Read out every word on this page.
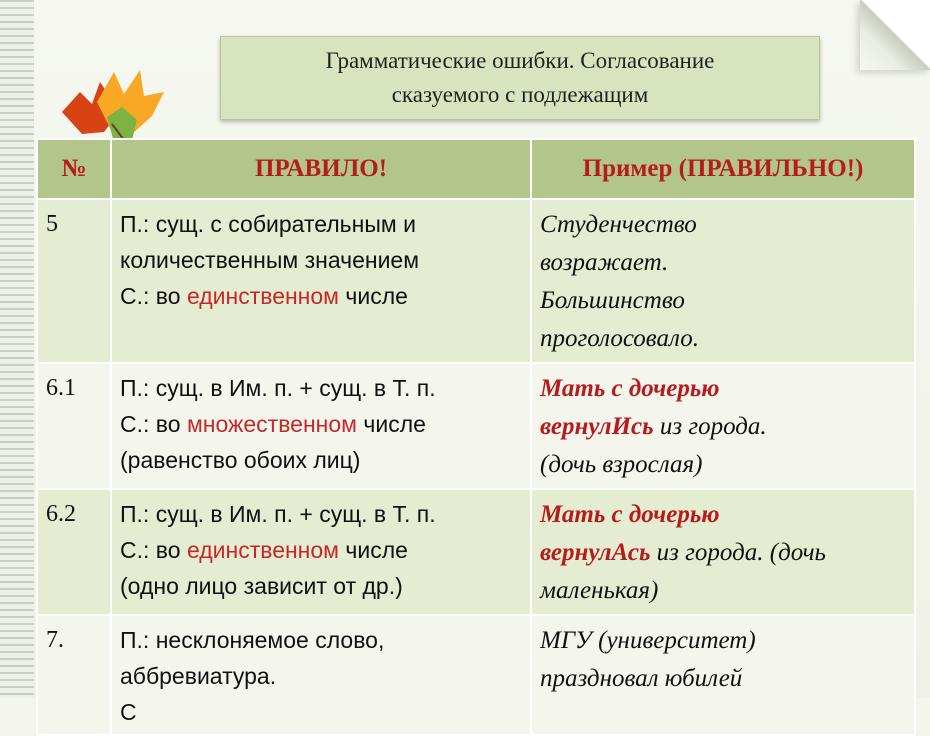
Грамматические ошибки. Согласование
сказуемого с подлежащим
№	ПРАВИЛО!	Пример (ПРАВИЛЬНО!)
5	П.: сущ. с собирательным и
количественным значением
С.: во единственном числе	Студенчество
возражает.
Большинство
проголосовало.
6.1	П.: сущ. в Им. п. + сущ. в Т. п.
С.: во множественном числе
(равенство обоих лиц)	Мать с дочерью
вернулИсь из города.
(дочь взрослая)
6.2	П.: сущ. в Им. п. + сущ. в Т. п.
С.: во единственном числе
(одно лицо зависит от др.)	Мать с дочерью
вернулАсь из города. (дочь
маленькая)
7.	П.: несклоняемое слово,
аббревиатура.
С	МГУ (университет)
праздновал юбилей
